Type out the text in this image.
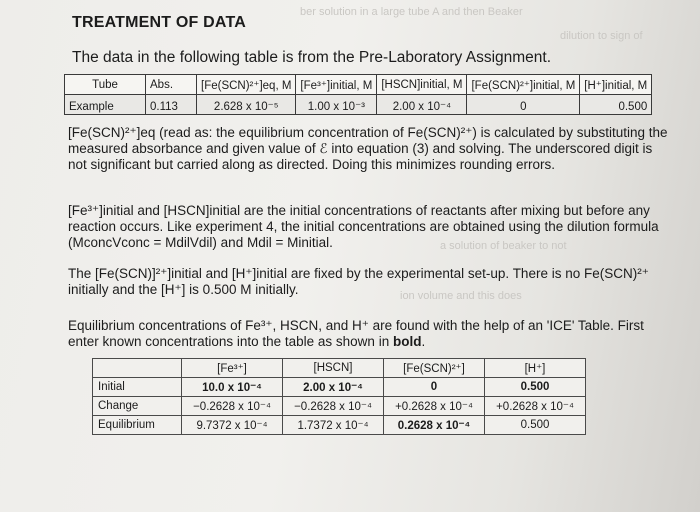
ber solution in a large tube A and then Beaker
dilution to sign of
TREATMENT OF DATA
The data in the following table is from the Pre-Laboratory Assignment.
Tube	Abs.	[Fe(SCN)²⁺]eq, M	[Fe³⁺]initial, M	[HSCN]initial, M	[Fe(SCN)²⁺]initial, M	[H⁺]initial, M
Example	0.113	2.628 x 10⁻⁵	1.00 x 10⁻³	2.00 x 10⁻⁴	0	0.500
[Fe(SCN)²⁺]eq (read as: the equilibrium concentration of Fe(SCN)²⁺) is calculated by substituting the measured absorbance and given value of ℰ into equation (3) and solving. The underscored digit is not significant but carried along as directed. Doing this minimizes rounding errors.
[Fe³⁺]initial and [HSCN]initial are the initial concentrations of reactants after mixing but before any reaction occurs. Like experiment 4, the initial concentrations are obtained using the dilution formula (MconcVconc = MdilVdil) and Mdil = Minitial.
The [Fe(SCN)]²⁺]initial and [H⁺]initial are fixed by the experimental set-up. There is no Fe(SCN)²⁺ initially and the [H⁺] is 0.500 M initially.
Equilibrium concentrations of Fe³⁺, HSCN, and H⁺ are found with the help of an 'ICE' Table. First enter known concentrations into the table as shown in bold.
	[Fe³⁺]	[HSCN]	[Fe(SCN)²⁺]	[H⁺]
Initial	10.0 x 10⁻⁴	2.00 x 10⁻⁴	0	0.500
Change	−0.2628 x 10⁻⁴	−0.2628 x 10⁻⁴	+0.2628 x 10⁻⁴	+0.2628 x 10⁻⁴
Equilibrium	9.7372 x 10⁻⁴	1.7372 x 10⁻⁴	0.2628 x 10⁻⁴	0.500
a solution of beaker to not
ion volume and this does
